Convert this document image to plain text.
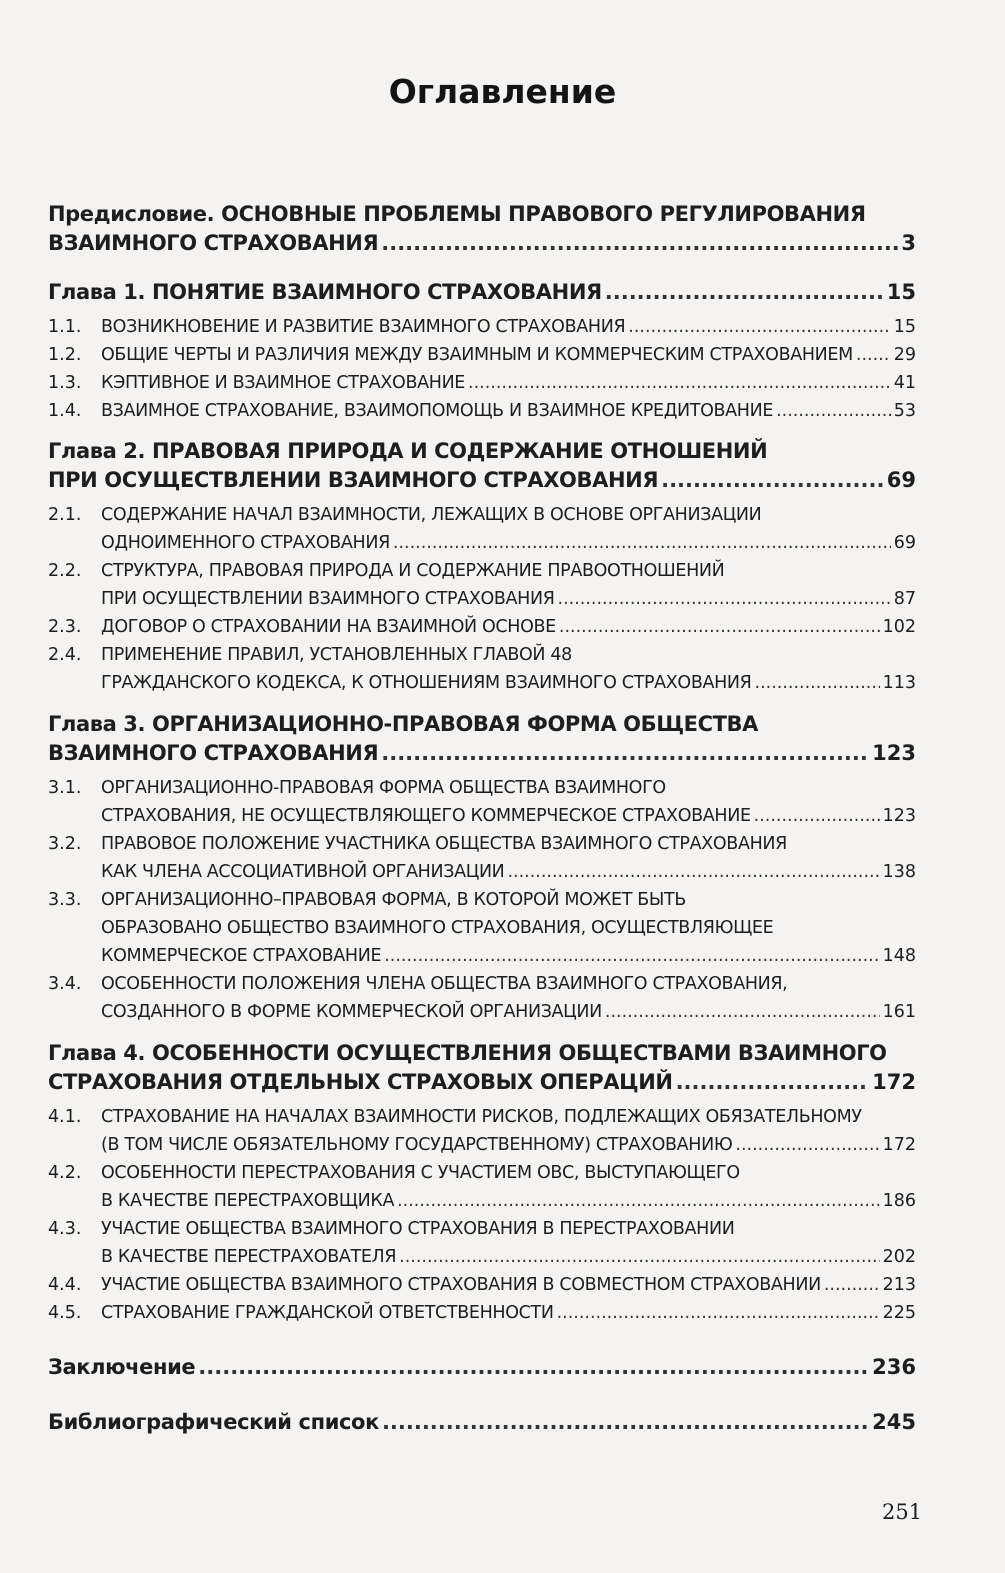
Оглавление
Предисловие. ОСНОВНЫЕ ПРОБЛЕМЫ ПРАВОВОГО РЕГУЛИРОВАНИЯ
ВЗАИМНОГО СТРАХОВАНИЯ .....	3
Глава 1. ПОНЯТИЕ ВЗАИМНОГО СТРАХОВАНИЯ .....	15
1.1.	ВОЗНИКНОВЕНИЕ И РАЗВИТИЕ ВЗАИМНОГО СТРАХОВАНИЯ .....	15
1.2.	ОБЩИЕ ЧЕРТЫ И РАЗЛИЧИЯ МЕЖДУ ВЗАИМНЫМ И КОММЕРЧЕСКИМ СТРАХОВАНИЕМ ..... 29
1.3.	КЭПТИВНОЕ И ВЗАИМНОЕ СТРАХОВАНИЕ .....	41
1.4.	ВЗАИМНОЕ СТРАХОВАНИЕ, ВЗАИМОПОМОЩЬ И ВЗАИМНОЕ КРЕДИТОВАНИЕ .....	53
Глава 2. ПРАВОВАЯ ПРИРОДА И СОДЕРЖАНИЕ ОТНОШЕНИЙ
ПРИ ОСУЩЕСТВЛЕНИИ ВЗАИМНОГО СТРАХОВАНИЯ .....	69
2.1.	СОДЕРЖАНИЕ НАЧАЛ ВЗАИМНОСТИ, ЛЕЖАЩИХ В ОСНОВЕ ОРГАНИЗАЦИИ
ОДНОИМЕННОГО СТРАХОВАНИЯ .....	69
2.2.	СТРУКТУРА, ПРАВОВАЯ ПРИРОДА И СОДЕРЖАНИЕ ПРАВООТНОШЕНИЙ
ПРИ ОСУЩЕСТВЛЕНИИ ВЗАИМНОГО СТРАХОВАНИЯ .....	87
2.3.	ДОГОВОР О СТРАХОВАНИИ НА ВЗАИМНОЙ ОСНОВЕ .....	102
2.4.	ПРИМЕНЕНИЕ ПРАВИЛ, УСТАНОВЛЕННЫХ ГЛАВОЙ 48
ГРАЖДАНСКОГО КОДЕКСА, К ОТНОШЕНИЯМ ВЗАИМНОГО СТРАХОВАНИЯ .....	113
Глава 3. ОРГАНИЗАЦИОННО-ПРАВОВАЯ ФОРМА ОБЩЕСТВА
ВЗАИМНОГО СТРАХОВАНИЯ .....	123
3.1.	ОРГАНИЗАЦИОННО-ПРАВОВАЯ ФОРМА ОБЩЕСТВА ВЗАИМНОГО
СТРАХОВАНИЯ, НЕ ОСУЩЕСТВЛЯЮЩЕГО КОММЕРЧЕСКОЕ СТРАХОВАНИЕ .....	123
3.2.	ПРАВОВОЕ ПОЛОЖЕНИЕ УЧАСТНИКА ОБЩЕСТВА ВЗАИМНОГО СТРАХОВАНИЯ
КАК ЧЛЕНА АССОЦИАТИВНОЙ ОРГАНИЗАЦИИ .....	138
3.3.	ОРГАНИЗАЦИОННО–ПРАВОВАЯ ФОРМА, В КОТОРОЙ МОЖЕТ БЫТЬ
ОБРАЗОВАНО ОБЩЕСТВО ВЗАИМНОГО СТРАХОВАНИЯ, ОСУЩЕСТВЛЯЮЩЕЕ
КОММЕРЧЕСКОЕ СТРАХОВАНИЕ .....	148
3.4.	ОСОБЕННОСТИ ПОЛОЖЕНИЯ ЧЛЕНА ОБЩЕСТВА ВЗАИМНОГО СТРАХОВАНИЯ,
СОЗДАННОГО В ФОРМЕ КОММЕРЧЕСКОЙ ОРГАНИЗАЦИИ .....	161
Глава 4. ОСОБЕННОСТИ ОСУЩЕСТВЛЕНИЯ ОБЩЕСТВАМИ ВЗАИМНОГО
СТРАХОВАНИЯ ОТДЕЛЬНЫХ СТРАХОВЫХ ОПЕРАЦИЙ .....	172
4.1.	СТРАХОВАНИЕ НА НАЧАЛАХ ВЗАИМНОСТИ РИСКОВ, ПОДЛЕЖАЩИХ ОБЯЗАТЕЛЬНОМУ
(В ТОМ ЧИСЛЕ ОБЯЗАТЕЛЬНОМУ ГОСУДАРСТВЕННОМУ) СТРАХОВАНИЮ .....	172
4.2.	ОСОБЕННОСТИ ПЕРЕСТРАХОВАНИЯ С УЧАСТИЕМ ОВС, ВЫСТУПАЮЩЕГО
В КАЧЕСТВЕ ПЕРЕСТРАХОВЩИКА .....	186
4.3.	УЧАСТИЕ ОБЩЕСТВА ВЗАИМНОГО СТРАХОВАНИЯ В ПЕРЕСТРАХОВАНИИ
В КАЧЕСТВЕ ПЕРЕСТРАХОВАТЕЛЯ .....	202
4.4.	УЧАСТИЕ ОБЩЕСТВА ВЗАИМНОГО СТРАХОВАНИЯ В СОВМЕСТНОМ СТРАХОВАНИИ .....	213
4.5.	СТРАХОВАНИЕ ГРАЖДАНСКОЙ ОТВЕТСТВЕННОСТИ .....	225
Заключение .....	236
Библиографический список .....	245
251
